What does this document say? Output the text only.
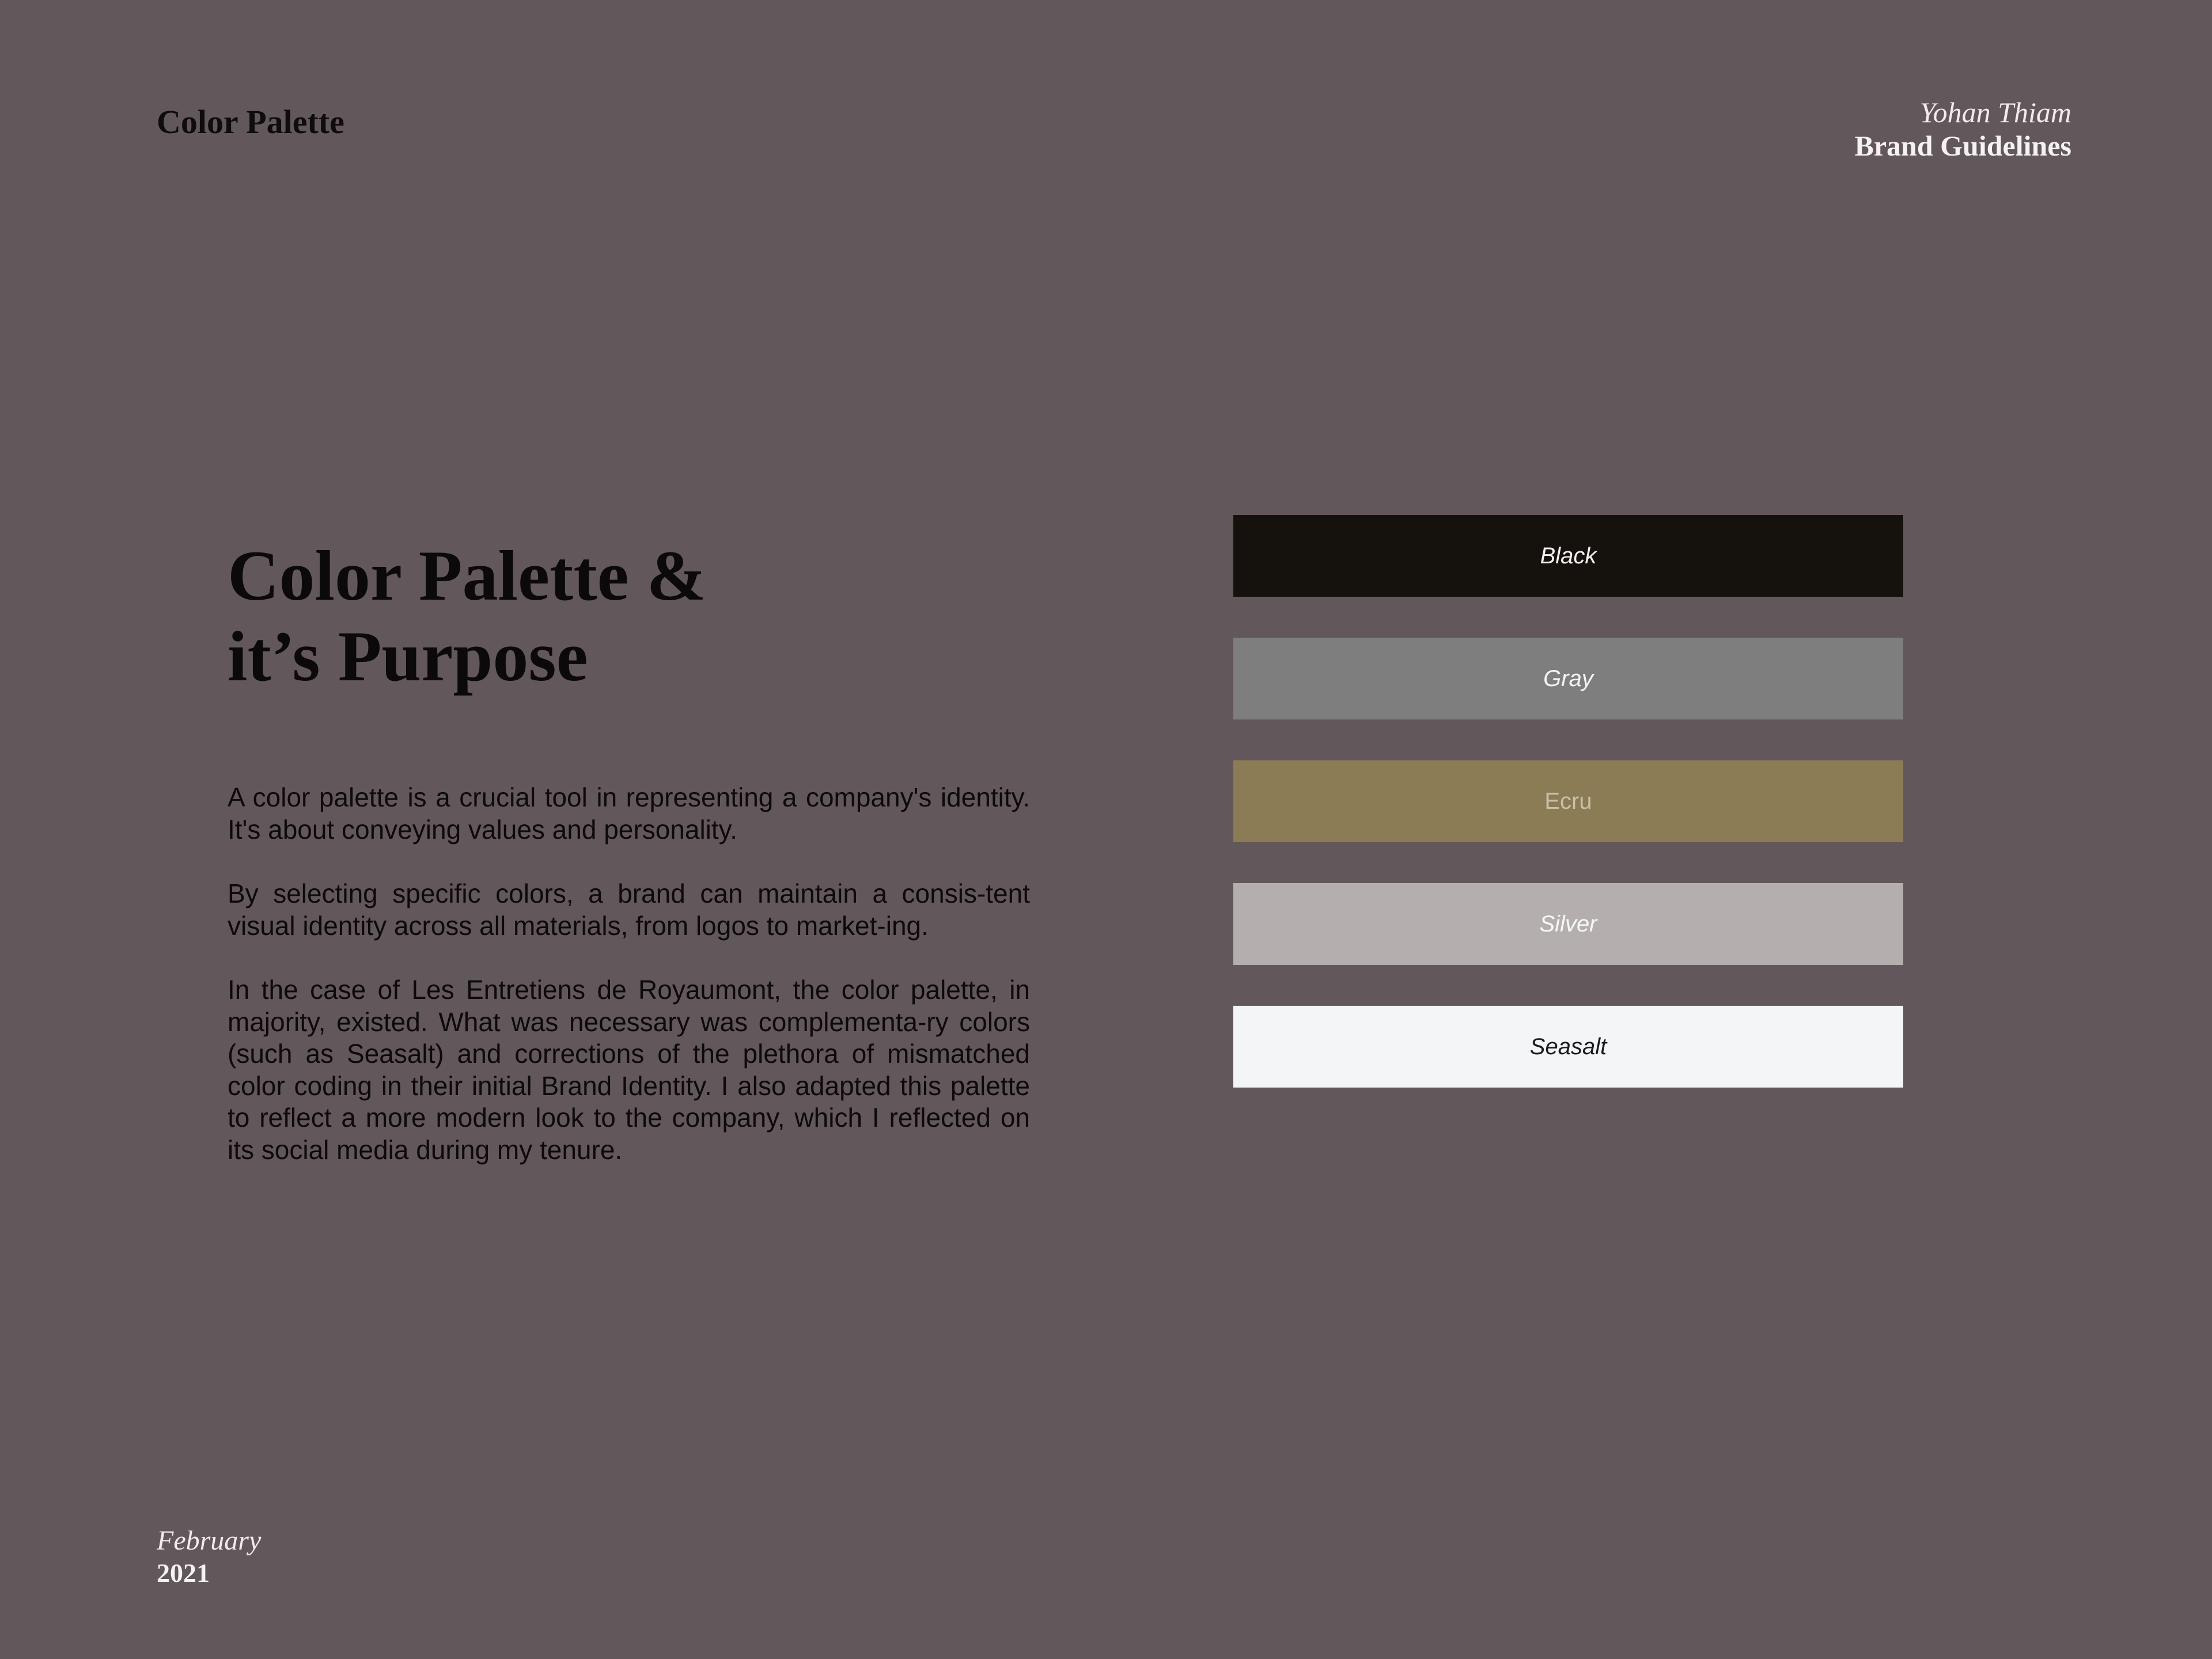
Color Palette	Yohan Thiam
Brand Guidelines
Color Palette &
it’s Purpose

A color palette is a crucial tool in representing a company's identity. It's about conveying values and personality.

By selecting specific colors, a brand can maintain a consis-tent visual identity across all materials, from logos to market-ing.

In the case of Les Entretiens de Royaumont, the color palette, in majority, existed. What was necessary was complementa-ry colors (such as Seasalt) and corrections of the plethora of mismatched color coding in their initial Brand Identity. I also adapted this palette to reflect a more modern look to the company, which I reflected on its social media during my tenure.

Black
Gray
Ecru
Silver
Seasalt
February
2021
